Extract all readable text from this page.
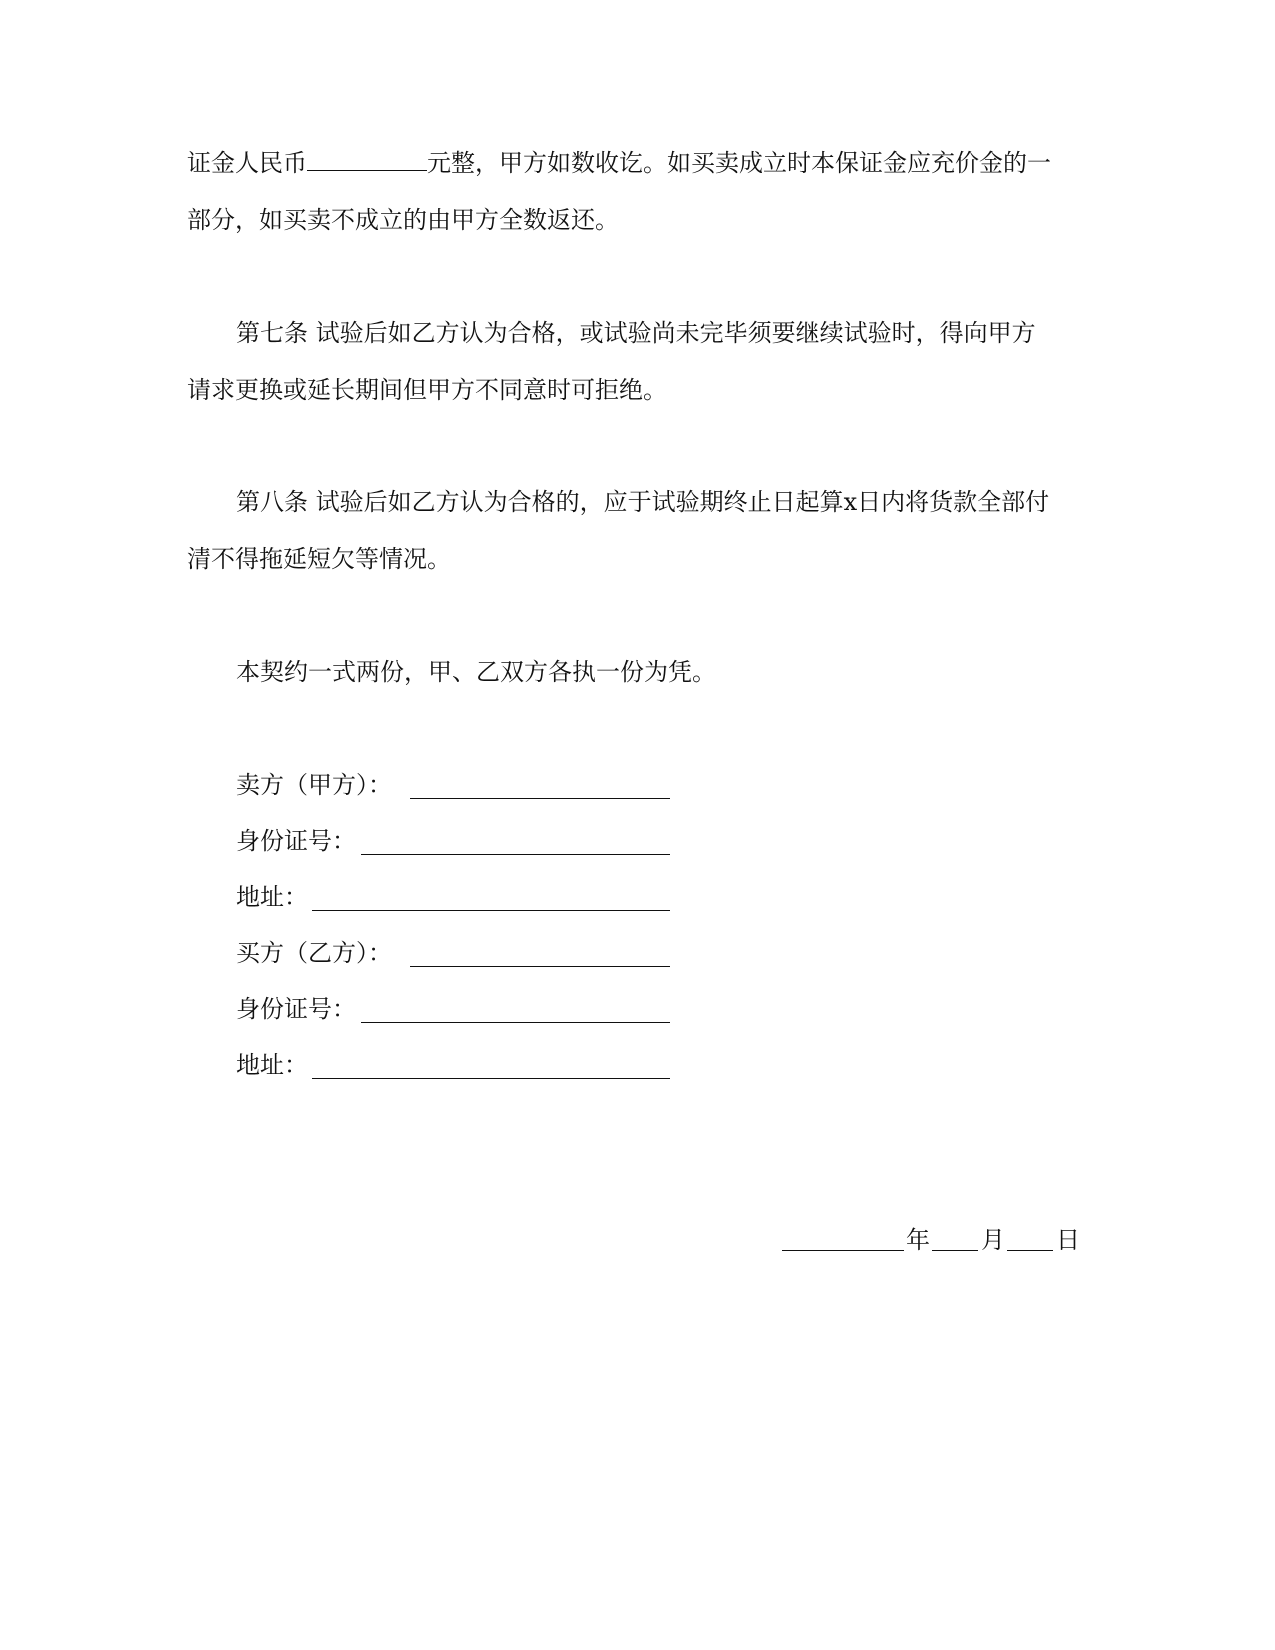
证金人民币	元整，甲方如数收讫。如买卖成立时本保证金应充价金的一
部分，如买卖不成立的由甲方全数返还。
第七条 试验后如乙方认为合格，或试验尚未完毕须要继续试验时，得向甲方
请求更换或延长期间但甲方不同意时可拒绝。
第八条 试验后如乙方认为合格的，应于试验期终止日起算x日内将货款全部付
清不得拖延短欠等情况。
本契约一式两份，甲、乙双方各执一份为凭。
卖方（甲方）：
身份证号：
地址：
买方（乙方）：
身份证号：
地址：
年 月 日
